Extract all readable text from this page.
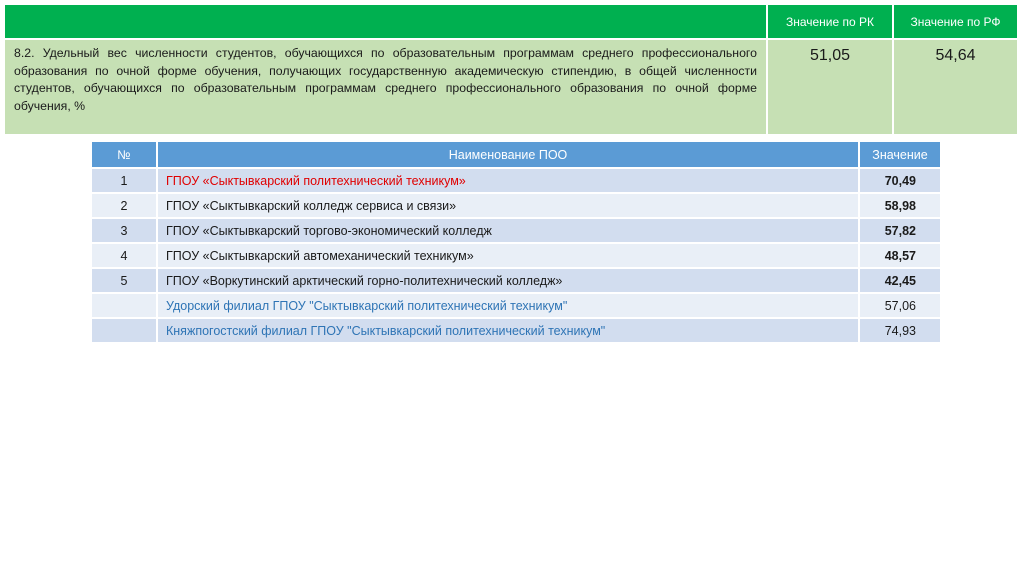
	Значение по РК	Значение по РФ

8.2. Удельный вес численности студентов, обучающихся по образовательным программам среднего профессионального образования по очной форме обучения, получающих государственную академическую стипендию, в общей численности студентов, обучающихся по образовательным программам среднего профессионального образования по очной форме обучения, %	51,05	54,64
№	Наименование ПОО	Значение
1	ГПОУ «Сыктывкарский политехнический техникум»	70,49
2	ГПОУ «Сыктывкарский колледж сервиса и связи»	58,98
3	ГПОУ «Сыктывкарский торгово-экономический колледж	57,82
4	ГПОУ «Сыктывкарский автомеханический техникум»	48,57
5	ГПОУ «Воркутинский арктический горно-политехнический колледж»	42,45
	Удорский филиал ГПОУ "Сыктывкарский политехнический техникум"	57,06
	Княжпогостский филиал ГПОУ "Сыктывкарский политехнический техникум"	74,93
